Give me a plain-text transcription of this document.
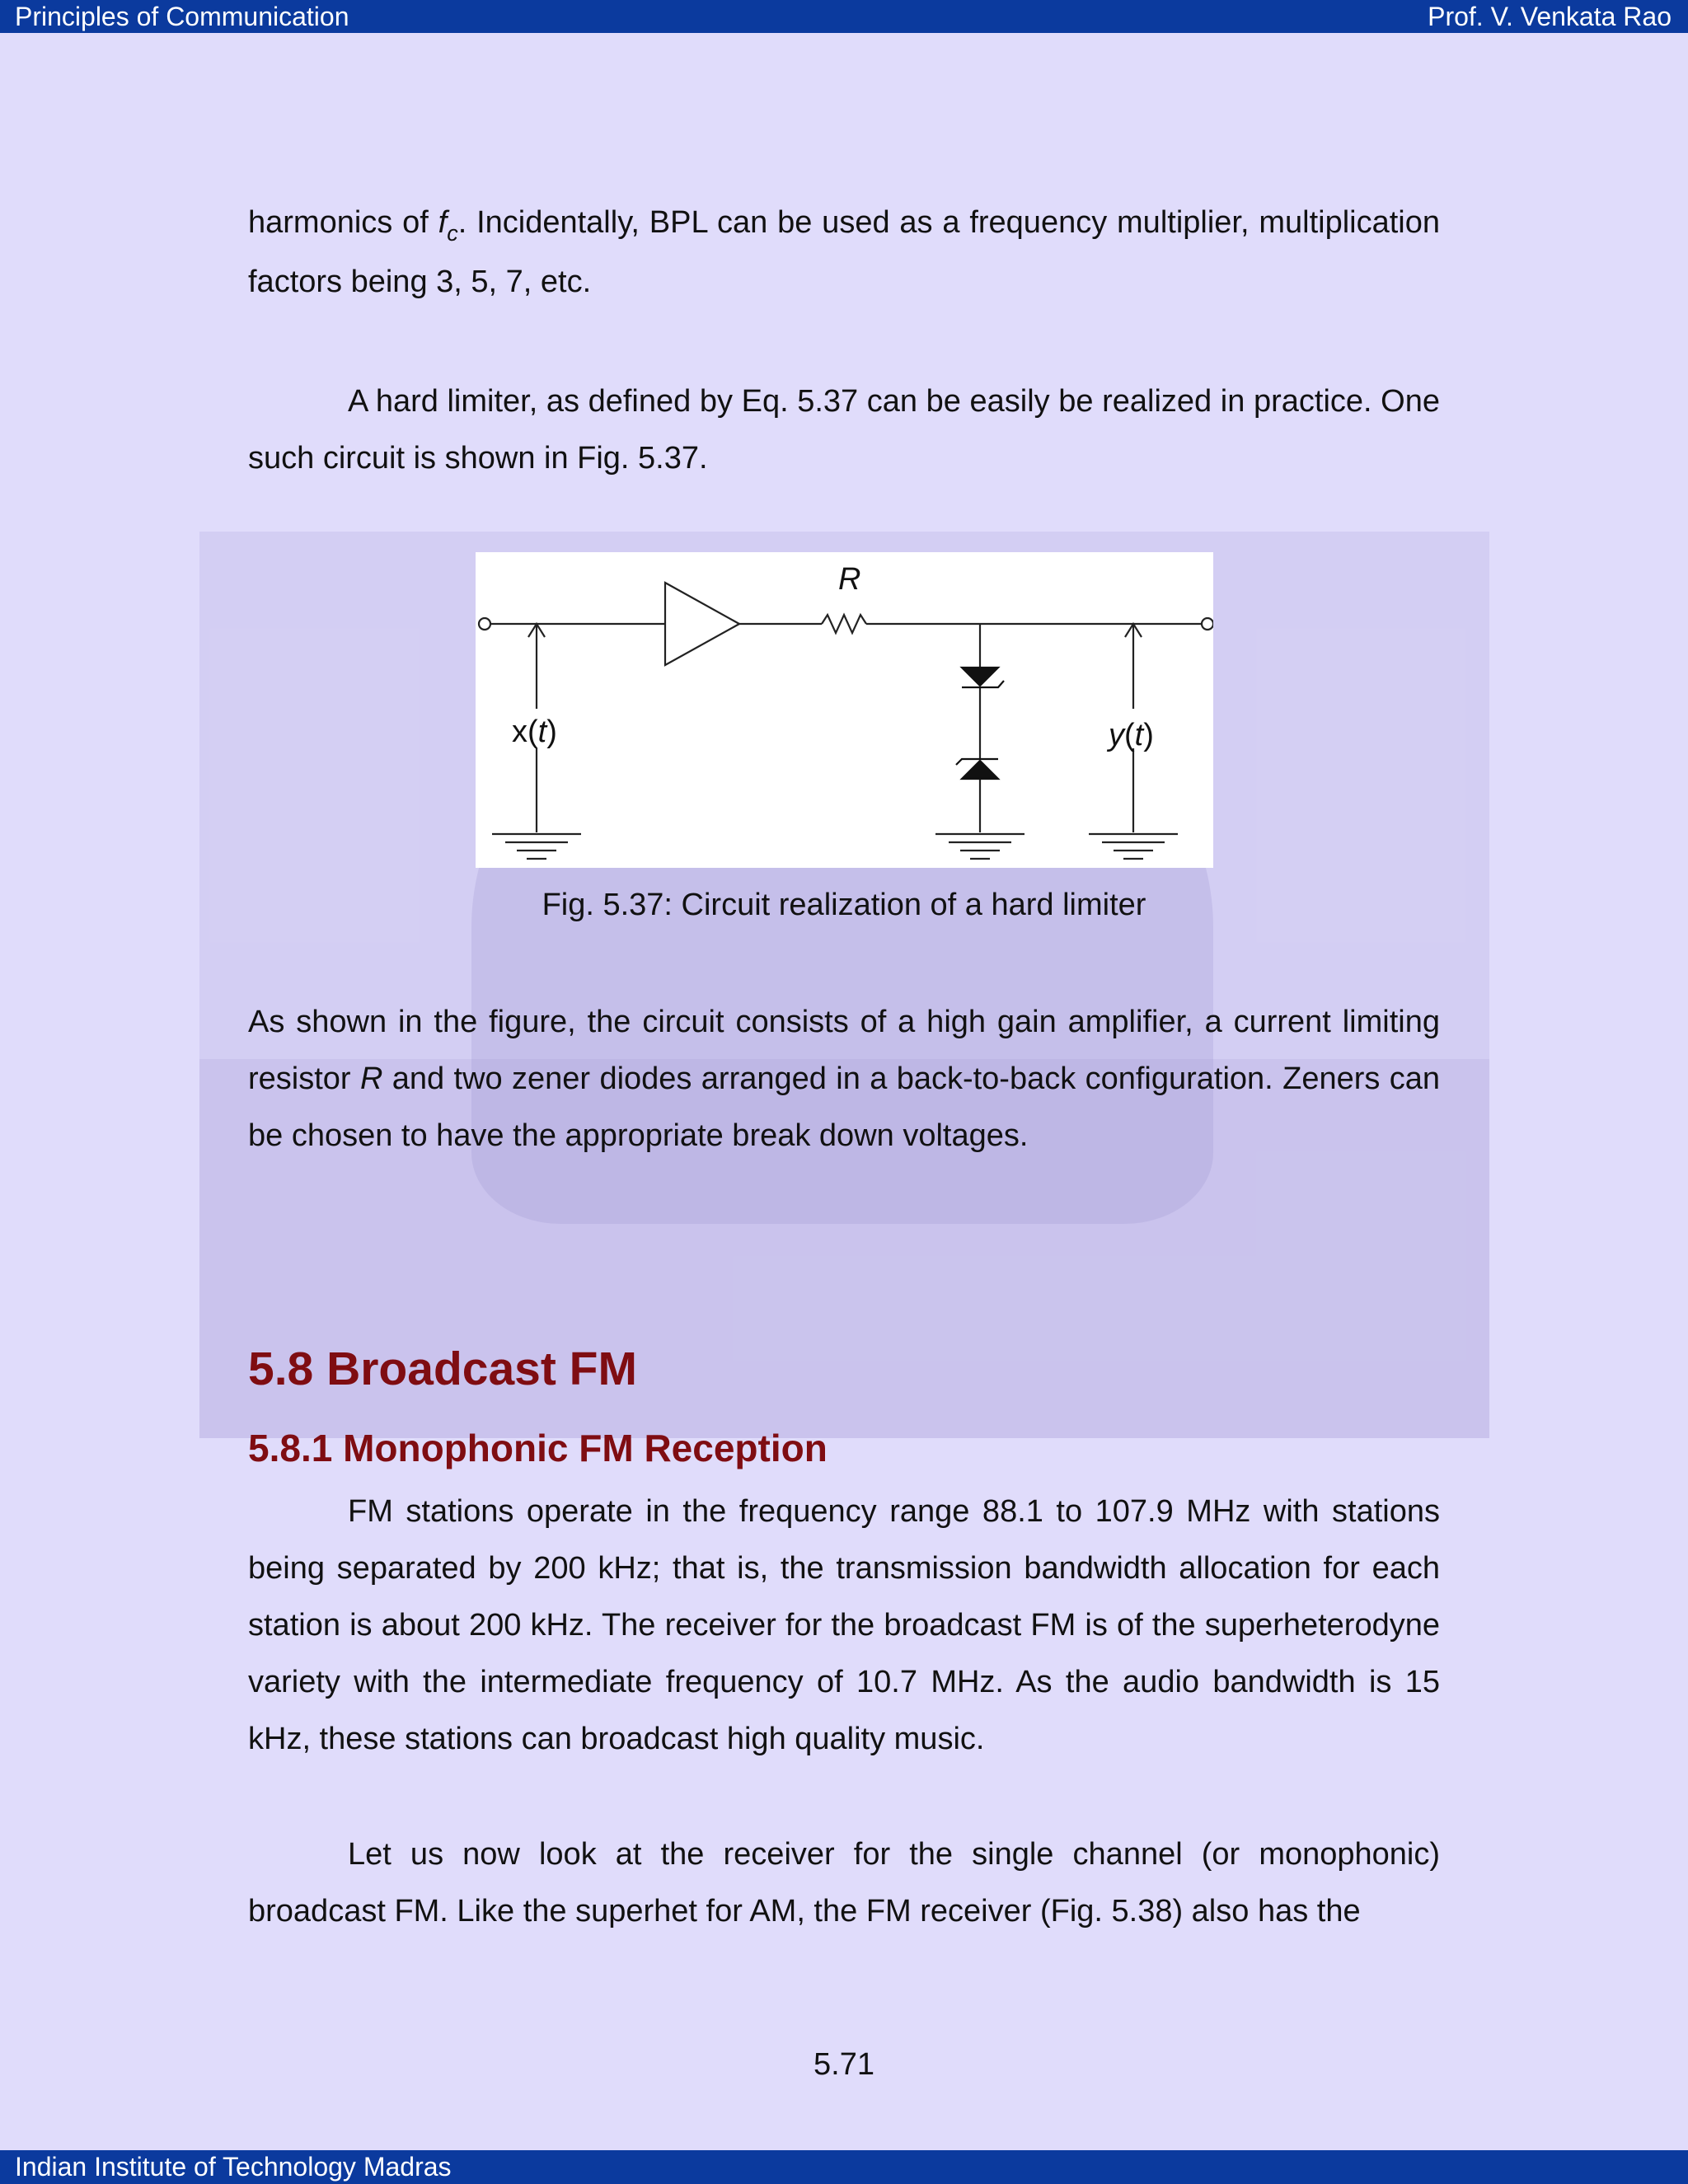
Principles of Communication	Prof. V. Venkata Rao

harmonics of $f_c$. Incidentally, BPL can be used as a frequency multiplier, multiplication factors being 3, 5, 7, etc.

A hard limiter, as defined by Eq. 5.37 can be easily be realized in practice. One such circuit is shown in Fig. 5.37.

R
x(t)	y(t)
Fig. 5.37: Circuit realization of a hard limiter

As shown in the figure, the circuit consists of a high gain amplifier, a current limiting resistor R and two zener diodes arranged in a back-to-back configuration. Zeners can be chosen to have the appropriate break down voltages.

5.8 Broadcast FM
5.8.1 Monophonic FM Reception

FM stations operate in the frequency range 88.1 to 107.9 MHz with stations being separated by 200 kHz; that is, the transmission bandwidth allocation for each station is about 200 kHz. The receiver for the broadcast FM is of the superheterodyne variety with the intermediate frequency of 10.7 MHz. As the audio bandwidth is 15 kHz, these stations can broadcast high quality music.

Let us now look at the receiver for the single channel (or monophonic) broadcast FM. Like the superhet for AM, the FM receiver (Fig. 5.38) also has the

5.71
Indian Institute of Technology Madras
